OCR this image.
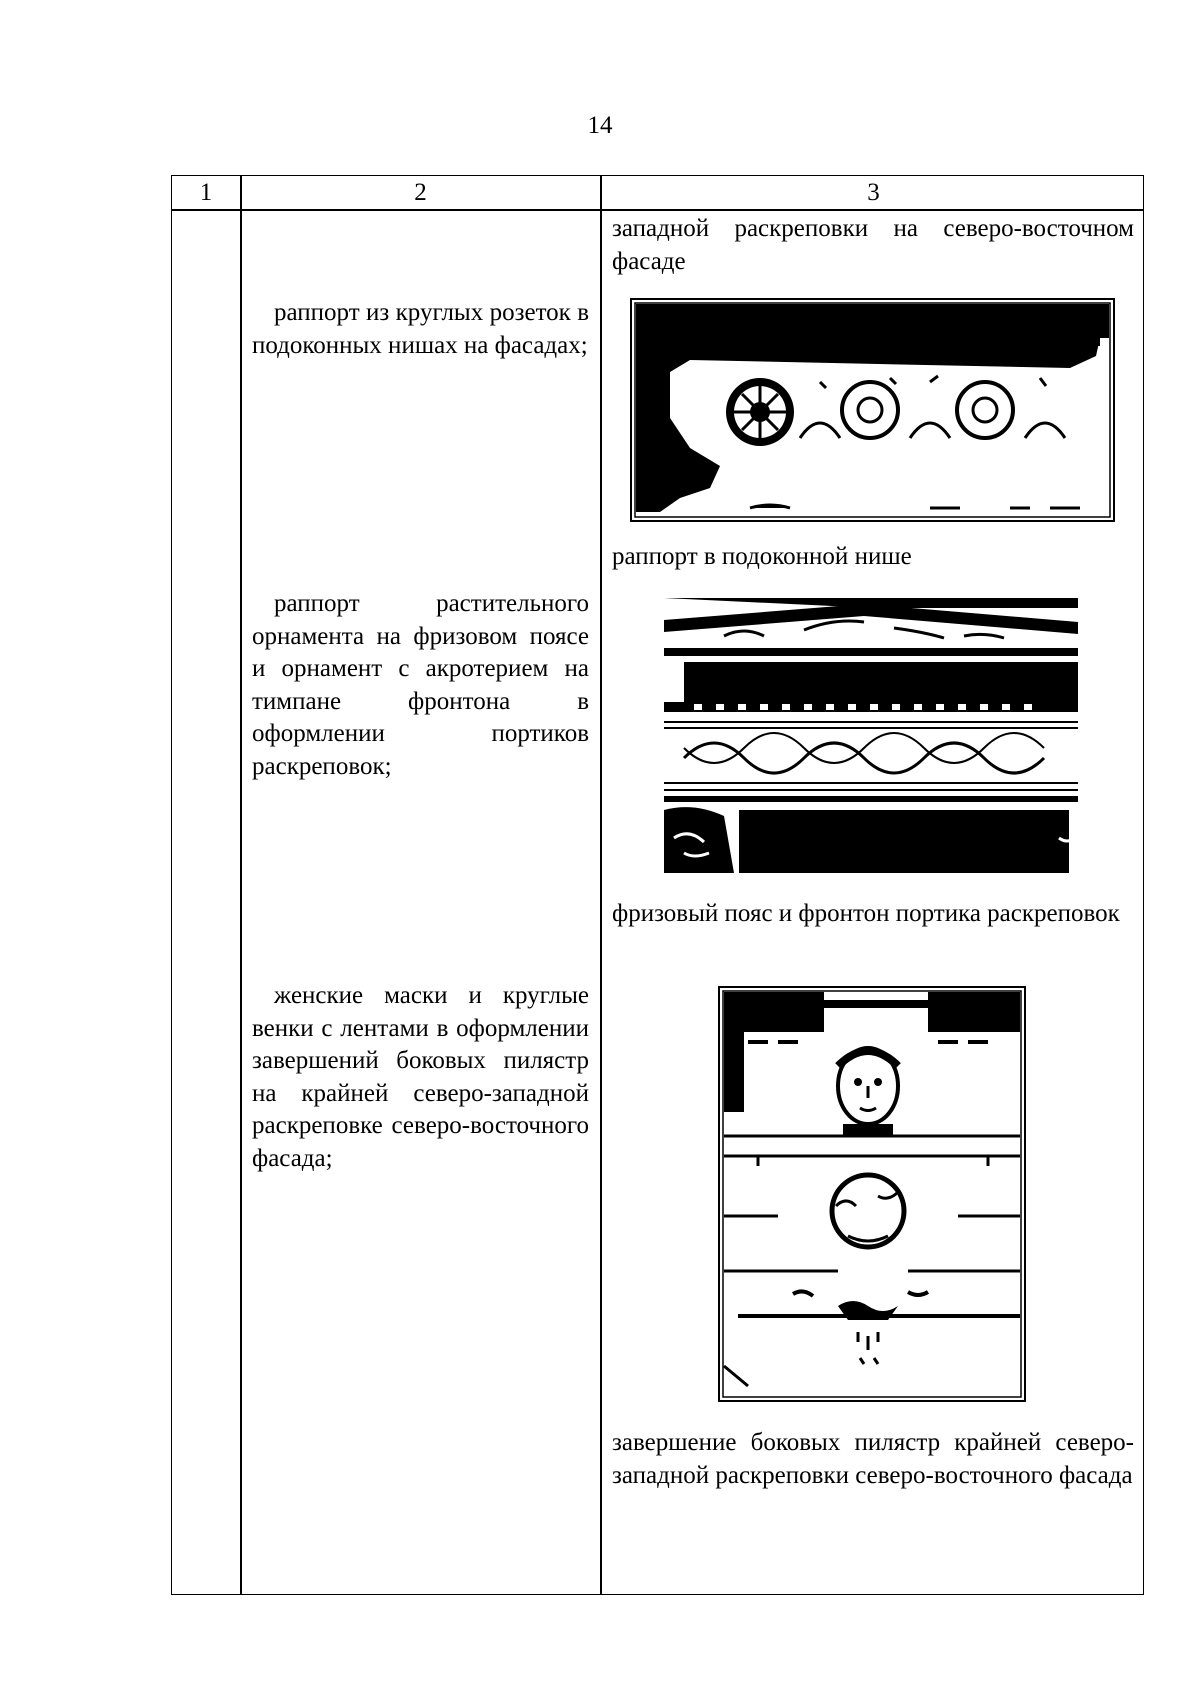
14
1	2	3

западной раскреповки на северо-восточном фасаде

раппорт из круглых розеток в подоконных нишах на фасадах;

раппорт в подоконной нише

раппорт растительного орнамента на фризовом поясе и орнамент с акротерием на тимпане фронтона в оформлении портиков раскреповок;

фризовый пояс и фронтон портика раскреповок

женские маски и круглые венки с лентами в оформлении завершений боковых пилястр на крайней северо-западной раскреповке северо-восточного фасада;

завершение боковых пилястр крайней северо-западной раскреповки северо-восточного фасада
